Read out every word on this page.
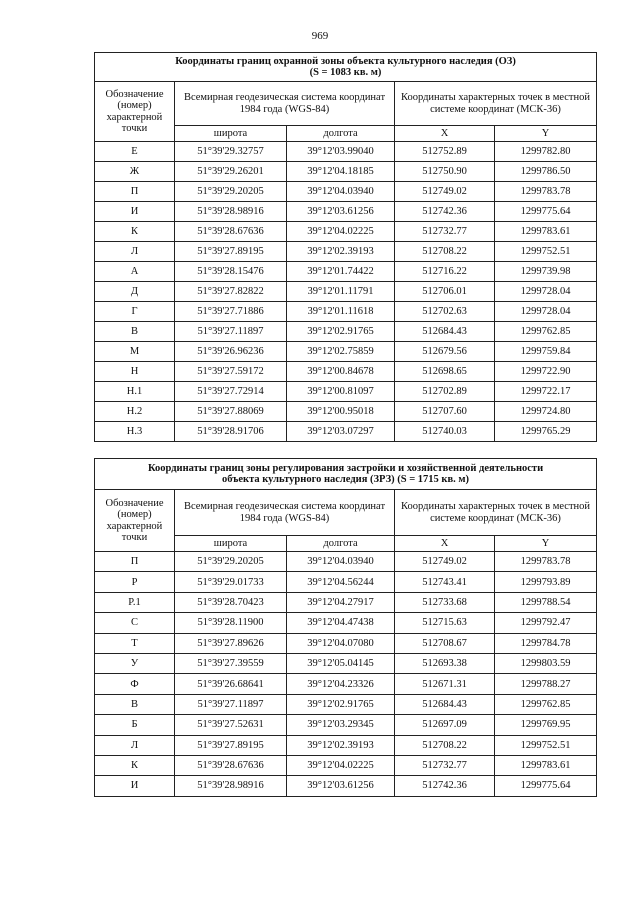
969
Координаты границ охранной зоны объекта культурного наследия (ОЗ)
(S = 1083 кв. м)				
Обозначение (номер) характерной точки	Всемирная геодезическая система координат 1984 года (WGS-84)		Координаты характерных точек в местной системе координат (МСК-36)	
	широта	долгота	X	Y
Е	51°39'29.32757	39°12'03.99040	512752.89	1299782.80
Ж	51°39'29.26201	39°12'04.18185	512750.90	1299786.50
П	51°39'29.20205	39°12'04.03940	512749.02	1299783.78
И	51°39'28.98916	39°12'03.61256	512742.36	1299775.64
К	51°39'28.67636	39°12'04.02225	512732.77	1299783.61
Л	51°39'27.89195	39°12'02.39193	512708.22	1299752.51
А	51°39'28.15476	39°12'01.74422	512716.22	1299739.98
Д	51°39'27.82822	39°12'01.11791	512706.01	1299728.04
Г	51°39'27.71886	39°12'01.11618	512702.63	1299728.04
В	51°39'27.11897	39°12'02.91765	512684.43	1299762.85
М	51°39'26.96236	39°12'02.75859	512679.56	1299759.84
Н	51°39'27.59172	39°12'00.84678	512698.65	1299722.90
Н.1	51°39'27.72914	39°12'00.81097	512702.89	1299722.17
Н.2	51°39'27.88069	39°12'00.95018	512707.60	1299724.80
Н.3	51°39'28.91706	39°12'03.07297	512740.03	1299765.29
Координаты границ зоны регулирования застройки и хозяйственной деятельности
объекта культурного наследия (ЗРЗ) (S = 1715 кв. м)				
Обозначение (номер) характерной точки	Всемирная геодезическая система координат 1984 года (WGS-84)		Координаты характерных точек в местной системе координат (МСК-36)	
	широта	долгота	X	Y
П	51°39'29.20205	39°12'04.03940	512749.02	1299783.78
Р	51°39'29.01733	39°12'04.56244	512743.41	1299793.89
Р.1	51°39'28.70423	39°12'04.27917	512733.68	1299788.54
С	51°39'28.11900	39°12'04.47438	512715.63	1299792.47
Т	51°39'27.89626	39°12'04.07080	512708.67	1299784.78
У	51°39'27.39559	39°12'05.04145	512693.38	1299803.59
Ф	51°39'26.68641	39°12'04.23326	512671.31	1299788.27
В	51°39'27.11897	39°12'02.91765	512684.43	1299762.85
Б	51°39'27.52631	39°12'03.29345	512697.09	1299769.95
Л	51°39'27.89195	39°12'02.39193	512708.22	1299752.51
К	51°39'28.67636	39°12'04.02225	512732.77	1299783.61
И	51°39'28.98916	39°12'03.61256	512742.36	1299775.64
